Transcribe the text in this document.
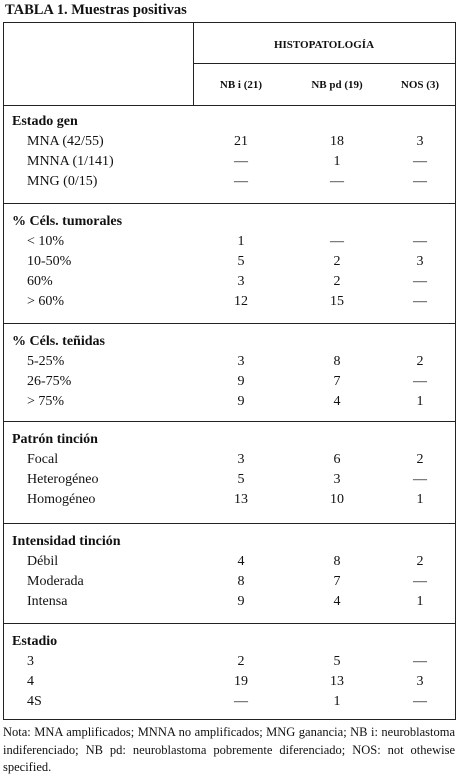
TABLA 1. Muestras positivas
HISTOPATOLOGÍA
NB i (21)	NB pd (19)	NOS (3)
Estado gen
MNA (42/55)	21	18	3
MNNA (1/141)	—	1	—
MNG (0/15)	—	—	—
% Céls. tumorales
< 10%	1	—	—
10-50%	5	2	3
60%	3	2	—
> 60%	12	15	—
% Céls. teñidas
5-25%	3	8	2
26-75%	9	7	—
> 75%	9	4	1
Patrón tinción
Focal	3	6	2
Heterogéneo	5	3	—
Homogéneo	13	10	1
Intensidad tinción
Débil	4	8	2
Moderada	8	7	—
Intensa	9	4	1
Estadio
3	2	5	—
4	19	13	3
4S	—	1	—
Nota: MNA amplificados; MNNA no amplificados; MNG ganancia; NB i: neuroblastoma indiferenciado; NB pd: neuroblastoma pobremente diferenciado; NOS: not othewise specified.
